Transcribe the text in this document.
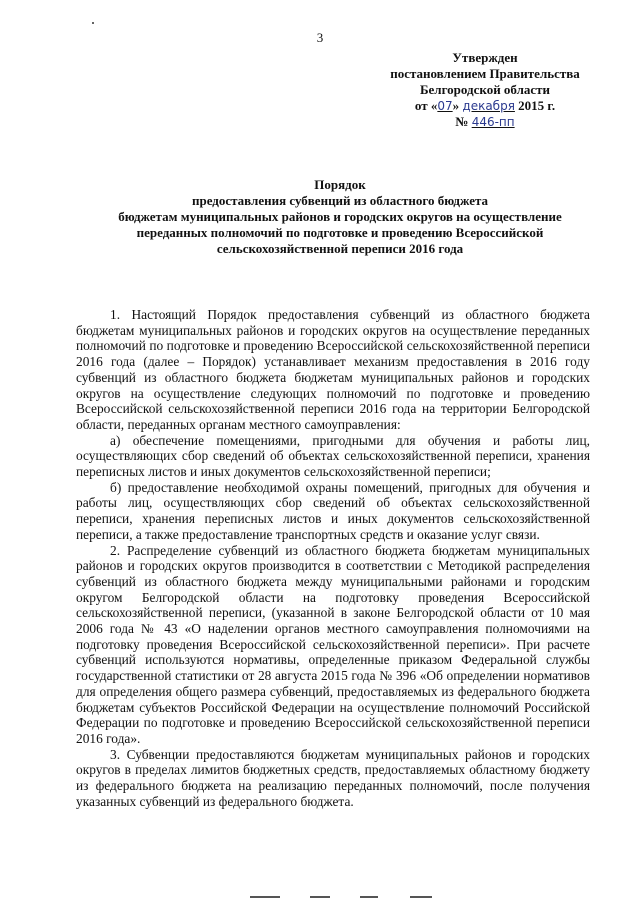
3
Утвержден
постановлением Правительства
Белгородской области
от «07» декабря 2015 г.
№ 446-пп
Порядок
предоставления субвенций из областного бюджета
бюджетам муниципальных районов и городских округов на осуществление
переданных полномочий по подготовке и проведению Всероссийской
сельскохозяйственной переписи 2016 года

1. Настоящий Порядок предоставления субвенций из областного бюджета бюджетам муниципальных районов и городских округов на осуществление переданных полномочий по подготовке и проведению Всероссийской сельскохозяйственной переписи 2016 года (далее – Порядок) устанавливает механизм предоставления в 2016 году субвенций из областного бюджета бюджетам муниципальных районов и городских округов на осуществление следующих полномочий по подготовке и проведению Всероссийской сельскохозяйственной переписи 2016 года на территории Белгородской области, переданных органам местного самоуправления:

а) обеспечение помещениями, пригодными для обучения и работы лиц, осуществляющих сбор сведений об объектах сельскохозяйственной переписи, хранения переписных листов и иных документов сельскохозяйственной переписи;

б) предоставление необходимой охраны помещений, пригодных для обучения и работы лиц, осуществляющих сбор сведений об объектах сельскохозяйственной переписи, хранения переписных листов и иных документов сельскохозяйственной переписи, а также предоставление транспортных средств и оказание услуг связи.

2. Распределение субвенций из областного бюджета бюджетам муниципальных районов и городских округов производится в соответствии с Методикой распределения субвенций из областного бюджета между муниципальными районами и городским округом Белгородской области на подготовку проведения Всероссийской сельскохозяйственной переписи, (указанной в законе Белгородской области от 10 мая 2006 года № 43 «О наделении органов местного самоуправления полномочиями на подготовку проведения Всероссийской сельскохозяйственной переписи». При расчете субвенций используются нормативы, определенные приказом Федеральной службы государственной статистики от 28 августа 2015 года № 396 «Об определении нормативов для определения общего размера субвенций, предоставляемых из федерального бюджета бюджетам субъектов Российской Федерации на осуществление полномочий Российской Федерации по подготовке и проведению Всероссийской сельскохозяйственной переписи 2016 года».

3. Субвенции предоставляются бюджетам муниципальных районов и городских округов в пределах лимитов бюджетных средств, предоставляемых областному бюджету из федерального бюджета на реализацию переданных полномочий, после получения указанных субвенций из федерального бюджета.
